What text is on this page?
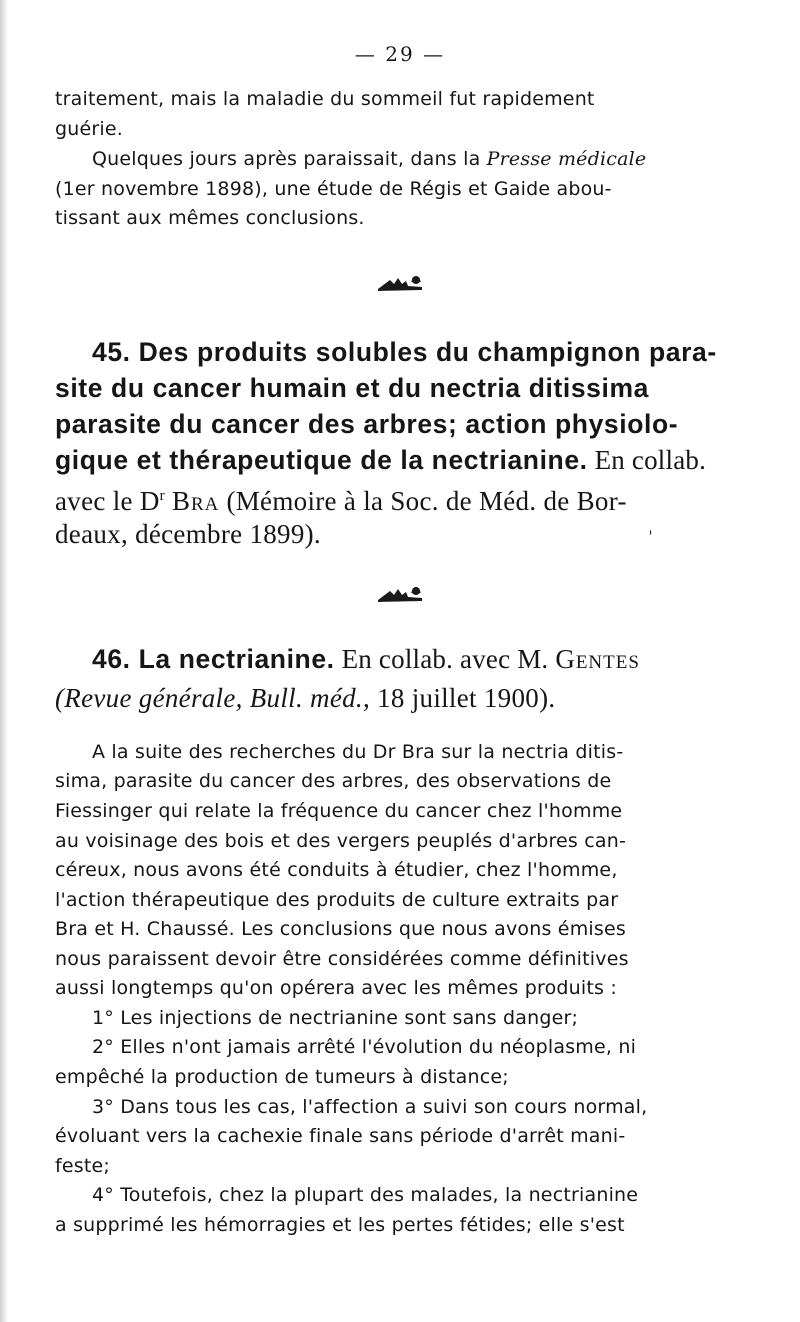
— 29 —

traitement, mais la maladie du sommeil fut rapidement

guérie.

Quelques jours après paraissait, dans la Presse médicale

(1er novembre 1898), une étude de Régis et Gaide abou-

tissant aux mêmes conclusions.

45. Des produits solubles du champignon para-

site du cancer humain et du nectria ditissima

parasite du cancer des arbres; action physiolo-

gique et thérapeutique de la nectrianine. En collab.

avec le $D^r$ Bra (Mémoire à la Soc. de Méd. de Bor-

deaux, décembre 1899).	ˈ

46. La nectrianine. En collab. avec M. Gentes

(Revue générale, Bull. méd., 18 juillet 1900).

A la suite des recherches du Dr Bra sur la nectria ditis-

sima, parasite du cancer des arbres, des observations de

Fiessinger qui relate la fréquence du cancer chez l'homme

au voisinage des bois et des vergers peuplés d'arbres can-

céreux, nous avons été conduits à étudier, chez l'homme,

l'action thérapeutique des produits de culture extraits par

Bra et H. Chaussé. Les conclusions que nous avons émises

nous paraissent devoir être considérées comme définitives

aussi longtemps qu'on opérera avec les mêmes produits :

1° Les injections de nectrianine sont sans danger;

2° Elles n'ont jamais arrêté l'évolution du néoplasme, ni

empêché la production de tumeurs à distance;

3° Dans tous les cas, l'affection a suivi son cours normal,

évoluant vers la cachexie finale sans période d'arrêt mani-

feste;

4° Toutefois, chez la plupart des malades, la nectrianine

a supprimé les hémorragies et les pertes fétides; elle s'est
